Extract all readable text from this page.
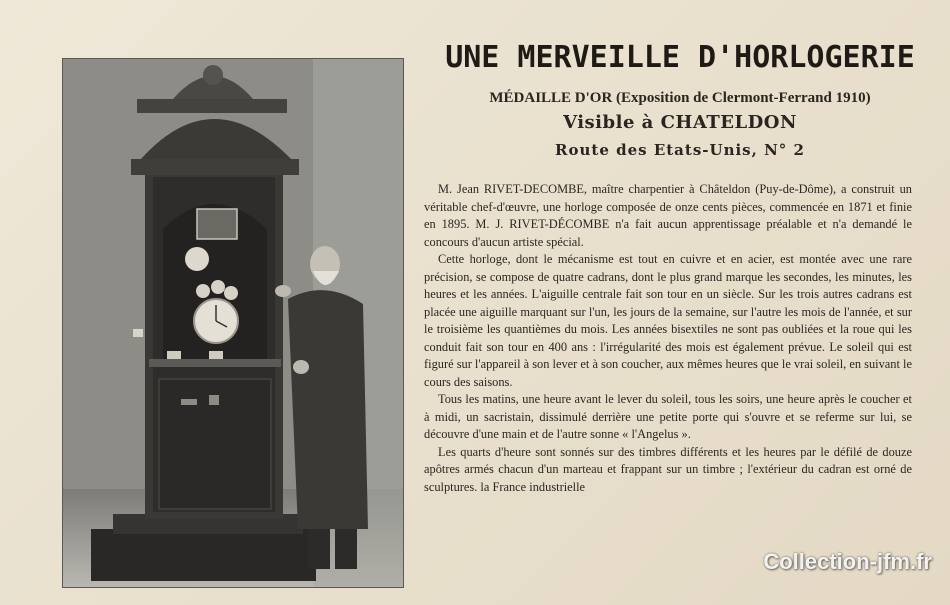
UNE MERVEILLE D'HORLOGERIE
MÉDAILLE D'OR (Exposition de Clermont-Ferrand 1910)
Visible à CHATELDON
Route des Etats-Unis, N° 2

M. Jean RIVET-DECOMBE, maître charpentier à Châteldon (Puy-de-Dôme), a construit un véritable chef-d'œuvre, une horloge composée de onze cents pièces, commencée en 1871 et finie en 1895. M. J. RIVET-DÉCOMBE n'a fait aucun apprentissage préalable et n'a demandé le concours d'aucun artiste spécial.

Cette horloge, dont le mécanisme est tout en cuivre et en acier, est montée avec une rare précision, se compose de quatre cadrans, dont le plus grand marque les secondes, les minutes, les heures et les années. L'aiguille centrale fait son tour en un siècle. Sur les trois autres cadrans est placée une aiguille marquant sur l'un, les jours de la semaine, sur l'autre les mois de l'année, et sur le troisième les quantièmes du mois. Les années bisextiles ne sont pas oubliées et la roue qui les conduit fait son tour en 400 ans : l'irrégularité des mois est également prévue. Le soleil qui est figuré sur l'appareil à son lever et à son coucher, aux mêmes heures que le vrai soleil, en suivant le cours des saisons.

Tous les matins, une heure avant le lever du soleil, tous les soirs, une heure après le coucher et à midi, un sacristain, dissimulé derrière une petite porte qui s'ouvre et se referme sur lui, se découvre d'une main et de l'autre sonne « l'Angelus ».

Les quarts d'heure sont sonnés sur des timbres différents et les heures par le défilé de douze apôtres armés chacun d'un marteau et frappant sur un timbre ; l'extérieur du cadran est orné de sculptures. la France industrielle

Collection-jfm.fr
